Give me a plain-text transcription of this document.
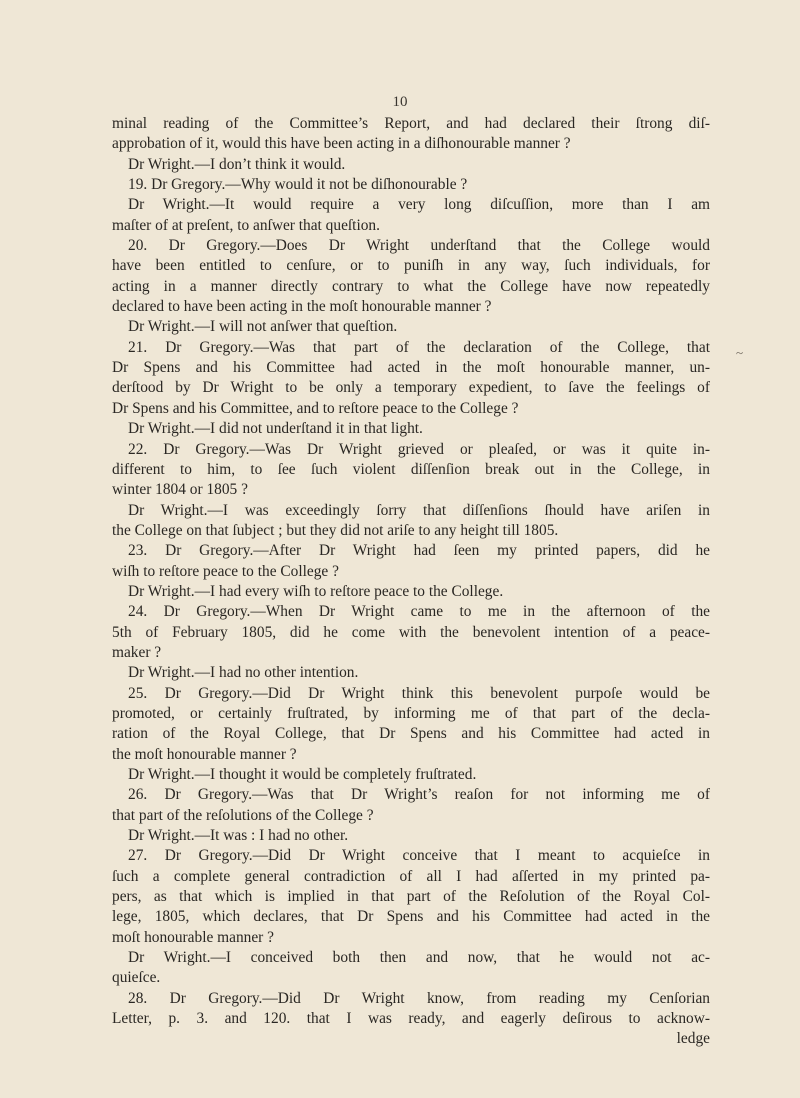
10
minal reading of the Committee’s Report, and had declared their ſtrong diſ-
approbation of it, would this have been acting in a diſhonourable manner ?
Dr Wright.—I don’t think it would.
19. Dr Gregory.—Why would it not be diſhonourable ?
Dr Wright.—It would require a very long diſcuſſion, more than I am
maſter of at preſent, to anſwer that queſtion.
20. Dr Gregory.—Does Dr Wright underſtand that the College would
have been entitled to cenſure, or to puniſh in any way, ſuch individuals, for
acting in a manner directly contrary to what the College have now repeatedly
declared to have been acting in the moſt honourable manner ?
Dr Wright.—I will not anſwer that queſtion.
21. Dr Gregory.—Was that part of the declaration of the College, that
Dr Spens and his Committee had acted in the moſt honourable manner, un-
derſtood by Dr Wright to be only a temporary expedient, to ſave the feelings of
Dr Spens and his Committee, and to reſtore peace to the College ?
Dr Wright.—I did not underſtand it in that light.
22. Dr Gregory.—Was Dr Wright grieved or pleaſed, or was it quite in-
different to him, to ſee ſuch violent diſſenſion break out in the College, in
winter 1804 or 1805 ?
Dr Wright.—I was exceedingly ſorry that diſſenſions ſhould have ariſen in
the College on that ſubject ; but they did not ariſe to any height till 1805.
23. Dr Gregory.—After Dr Wright had ſeen my printed papers, did he
wiſh to reſtore peace to the College ?
Dr Wright.—I had every wiſh to reſtore peace to the College.
24. Dr Gregory.—When Dr Wright came to me in the afternoon of the
5th of February 1805, did he come with the benevolent intention of a peace-
maker ?
Dr Wright.—I had no other intention.
25. Dr Gregory.—Did Dr Wright think this benevolent purpoſe would be
promoted, or certainly fruſtrated, by informing me of that part of the decla-
ration of the Royal College, that Dr Spens and his Committee had acted in
the moſt honourable manner ?
Dr Wright.—I thought it would be completely fruſtrated.
26. Dr Gregory.—Was that Dr Wright’s reaſon for not informing me of
that part of the reſolutions of the College ?
Dr Wright.—It was : I had no other.
27. Dr Gregory.—Did Dr Wright conceive that I meant to acquieſce in
ſuch a complete general contradiction of all I had aſſerted in my printed pa-
pers, as that which is implied in that part of the Reſolution of the Royal Col-
lege, 1805, which declares, that Dr Spens and his Committee had acted in the
moſt honourable manner ?
Dr Wright.—I conceived both then and now, that he would not ac-
quieſce.
28. Dr Gregory.—Did Dr Wright know, from reading my Cenſorian
Letter, p. 3. and 120. that I was ready, and eagerly deſirous to acknow-
ledge
~
